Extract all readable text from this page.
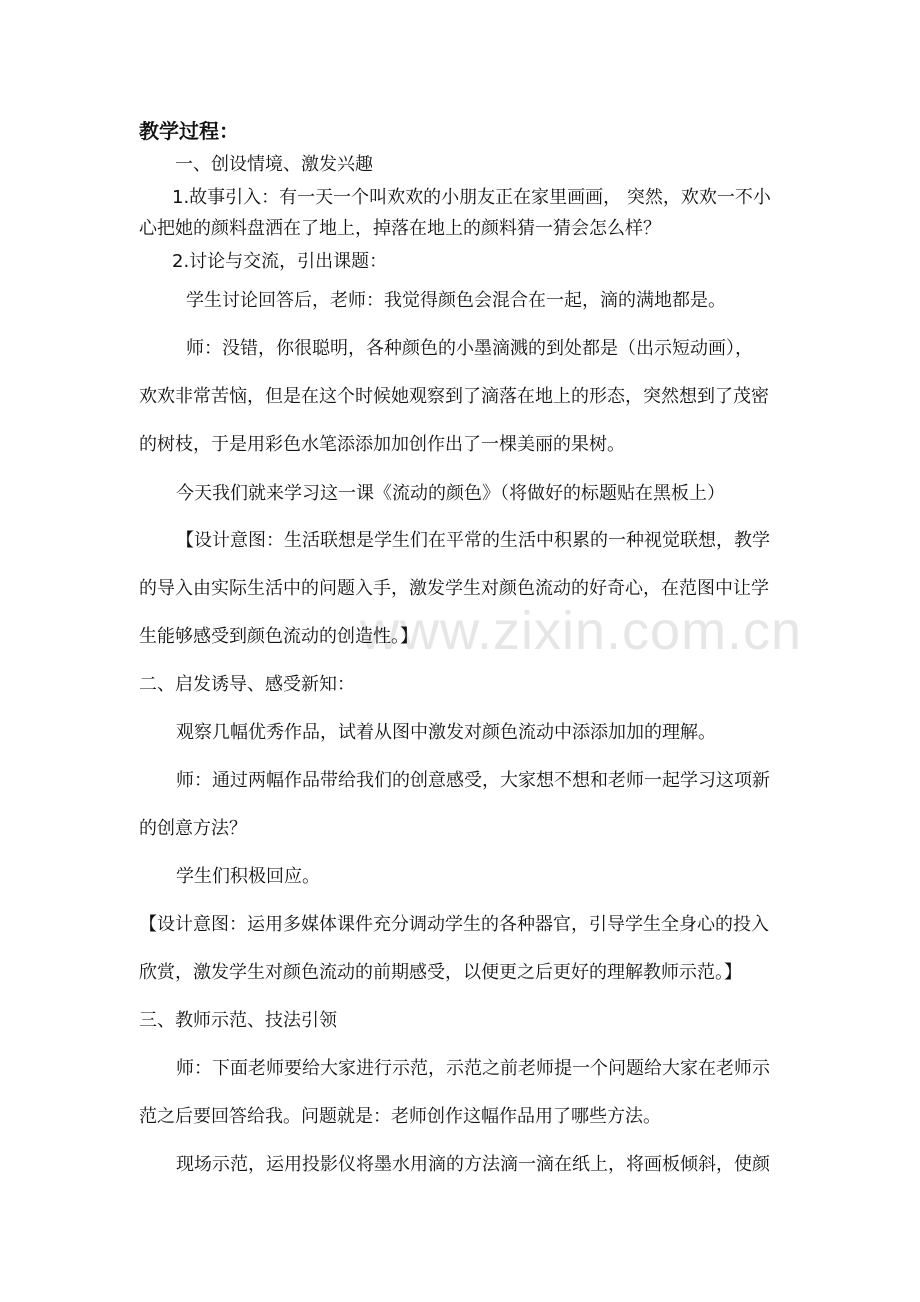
www.zixin.com.cn
教学过程：
一、创设情境、激发兴趣
1.故事引入：有一天一个叫欢欢的小朋友正在家里画画， 突然，欢欢一不小
心把她的颜料盘洒在了地上，掉落在地上的颜料猜一猜会怎么样？
2.讨论与交流，引出课题：
学生讨论回答后，老师：我觉得颜色会混合在一起，滴的满地都是。
师：没错，你很聪明，各种颜色的小墨滴溅的到处都是（出示短动画），
欢欢非常苦恼，但是在这个时候她观察到了滴落在地上的形态，突然想到了茂密
的树枝，于是用彩色水笔添添加加创作出了一棵美丽的果树。
今天我们就来学习这一课《流动的颜色》（将做好的标题贴在黑板上）
【设计意图：生活联想是学生们在平常的生活中积累的一种视觉联想，教学
的导入由实际生活中的问题入手，激发学生对颜色流动的好奇心，在范图中让学
生能够感受到颜色流动的创造性。】
二、启发诱导、感受新知：
观察几幅优秀作品，试着从图中激发对颜色流动中添添加加的理解。
师：通过两幅作品带给我们的创意感受，大家想不想和老师一起学习这项新
的创意方法？
学生们积极回应。
【设计意图：运用多媒体课件充分调动学生的各种器官，引导学生全身心的投入
欣赏，激发学生对颜色流动的前期感受，以便更之后更好的理解教师示范。】
三、教师示范、技法引领
师：下面老师要给大家进行示范，示范之前老师提一个问题给大家在老师示
范之后要回答给我。问题就是：老师创作这幅作品用了哪些方法。
现场示范，运用投影仪将墨水用滴的方法滴一滴在纸上，将画板倾斜，使颜
